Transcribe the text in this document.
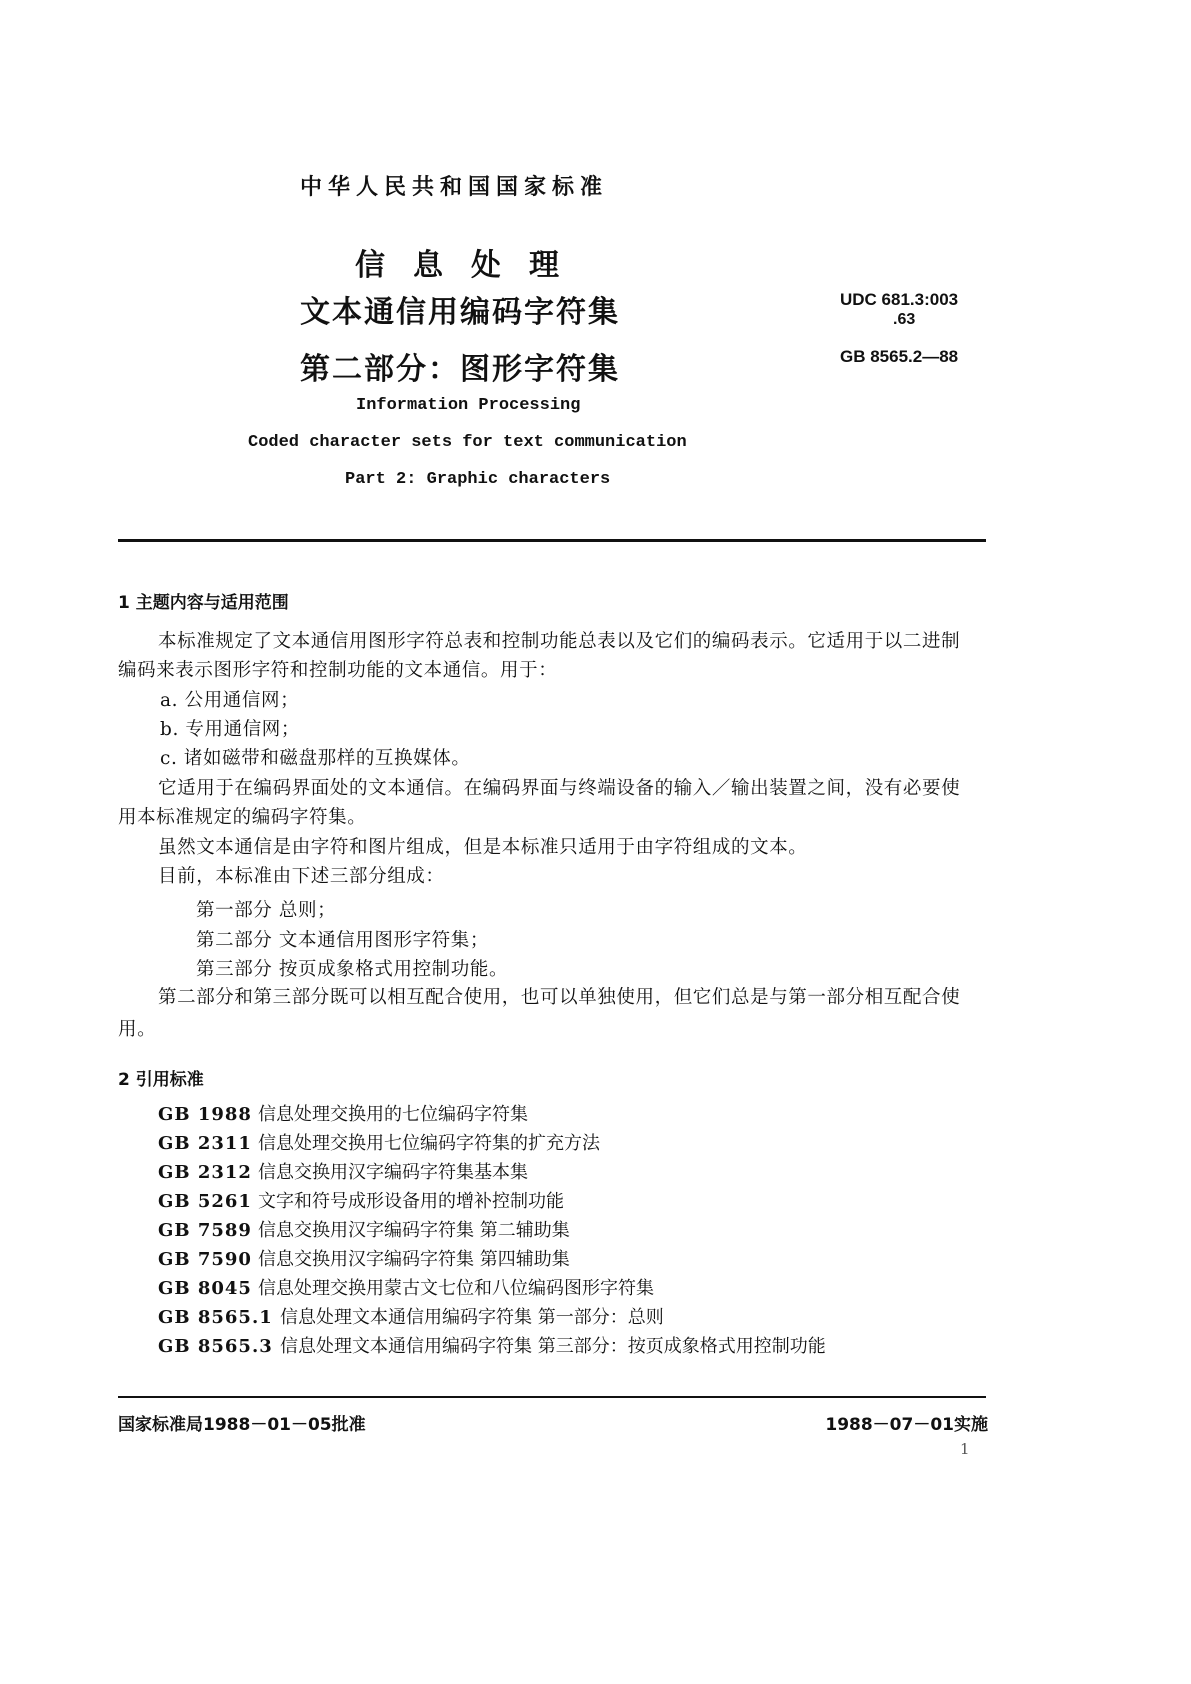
中华人民共和国国家标准
信息处理
文本通信用编码字符集
第二部分：图形字符集
UDC 681.3:003
.63
GB 8565.2—88
Information Processing
Coded character sets for text communication
Part 2: Graphic characters
1 主题内容与适用范围
本标准规定了文本通信用图形字符总表和控制功能总表以及它们的编码表示。它适用于以二进制
编码来表示图形字符和控制功能的文本通信。用于：
a. 公用通信网；
b. 专用通信网；
c. 诸如磁带和磁盘那样的互换媒体。
它适用于在编码界面处的文本通信。在编码界面与终端设备的输入／输出装置之间，没有必要使
用本标准规定的编码字符集。
虽然文本通信是由字符和图片组成，但是本标准只适用于由字符组成的文本。
目前，本标准由下述三部分组成：
第一部分 总则；
第二部分 文本通信用图形字符集；
第三部分 按页成象格式用控制功能。
第二部分和第三部分既可以相互配合使用，也可以单独使用，但它们总是与第一部分相互配合使
用。
2 引用标准
GB 1988 信息处理交换用的七位编码字符集
GB 2311 信息处理交换用七位编码字符集的扩充方法
GB 2312 信息交换用汉字编码字符集基本集
GB 5261 文字和符号成形设备用的增补控制功能
GB 7589 信息交换用汉字编码字符集 第二辅助集
GB 7590 信息交换用汉字编码字符集 第四辅助集
GB 8045 信息处理交换用蒙古文七位和八位编码图形字符集
GB 8565.1 信息处理文本通信用编码字符集 第一部分：总则
GB 8565.3 信息处理文本通信用编码字符集 第三部分：按页成象格式用控制功能
国家标准局1988－01－05批准	1988－07－01实施
1
